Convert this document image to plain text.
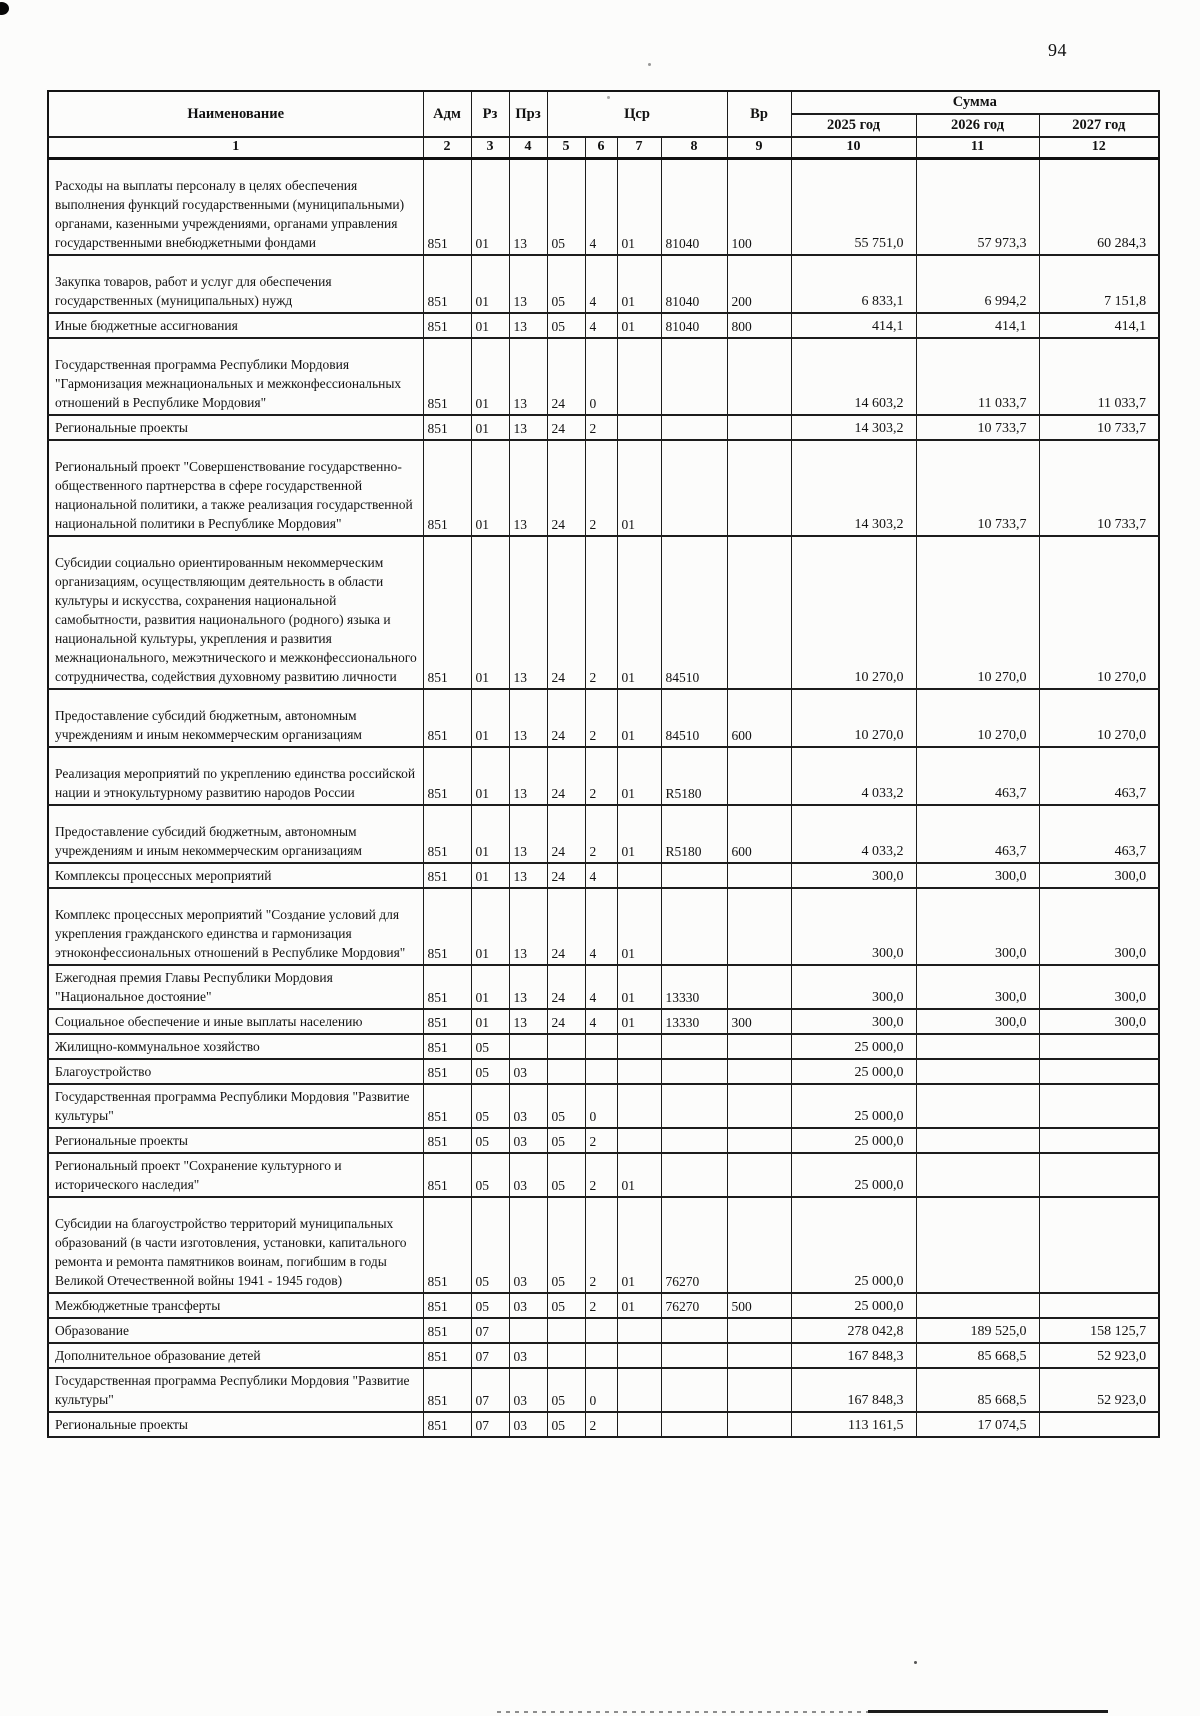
94
Наименование	Адм	Рз	Прз	Цср				Вр	Сумма		
									2025 год	2026 год	2027 год
1	2	3	4	5	6	7	8	9	10	11	12
Расходы на выплаты персоналу в целях обеспечения выполнения функций государственными (муниципальными) органами, казенными учреждениями, органами управления государственными внебюджетными фондами	851	01	13	05	4	01	81040	100	55 751,0	57 973,3	60 284,3
Закупка товаров, работ и услуг для обеспечения государственных (муниципальных) нужд	851	01	13	05	4	01	81040	200	6 833,1	6 994,2	7 151,8
Иные бюджетные ассигнования	851	01	13	05	4	01	81040	800	414,1	414,1	414,1
Государственная программа Республики Мордовия "Гармонизация межнациональных и межконфессиональных отношений в Республике Мордовия"	851	01	13	24	0				14 603,2	11 033,7	11 033,7
Региональные проекты	851	01	13	24	2				14 303,2	10 733,7	10 733,7
Региональный проект "Совершенствование государственно-общественного партнерства в сфере государственной национальной политики, а также реализация государственной национальной политики в Республике Мордовия"	851	01	13	24	2	01			14 303,2	10 733,7	10 733,7
Субсидии социально ориентированным некоммерческим организациям, осуществляющим деятельность в области культуры и искусства, сохранения национальной самобытности, развития национального (родного) языка и национальной культуры, укрепления и развития межнационального, межэтнического и межконфессионального сотрудничества, содействия духовному развитию личности	851	01	13	24	2	01	84510		10 270,0	10 270,0	10 270,0
Предоставление субсидий бюджетным, автономным учреждениям и иным некоммерческим организациям	851	01	13	24	2	01	84510	600	10 270,0	10 270,0	10 270,0
Реализация мероприятий по укреплению единства российской нации и этнокультурному развитию народов России	851	01	13	24	2	01	R5180		4 033,2	463,7	463,7
Предоставление субсидий бюджетным, автономным учреждениям и иным некоммерческим организациям	851	01	13	24	2	01	R5180	600	4 033,2	463,7	463,7
Комплексы процессных мероприятий	851	01	13	24	4				300,0	300,0	300,0
Комплекс процессных мероприятий "Создание условий для укрепления гражданского единства и гармонизация этноконфессиональных отношений в Республике Мордовия"	851	01	13	24	4	01			300,0	300,0	300,0
Ежегодная премия Главы Республики Мордовия "Национальное достояние"	851	01	13	24	4	01	13330		300,0	300,0	300,0
Социальное обеспечение и иные выплаты населению	851	01	13	24	4	01	13330	300	300,0	300,0	300,0
Жилищно-коммунальное хозяйство	851	05							25 000,0		
Благоустройство	851	05	03						25 000,0		
Государственная программа Республики Мордовия "Развитие культуры"	851	05	03	05	0				25 000,0		
Региональные проекты	851	05	03	05	2				25 000,0		
Региональный проект "Сохранение культурного и исторического наследия"	851	05	03	05	2	01			25 000,0		
Субсидии на благоустройство территорий муниципальных образований (в части изготовления, установки, капитального ремонта и ремонта памятников воинам, погибшим в годы Великой Отечественной войны 1941 - 1945 годов)	851	05	03	05	2	01	76270		25 000,0		
Межбюджетные трансферты	851	05	03	05	2	01	76270	500	25 000,0		
Образование	851	07							278 042,8	189 525,0	158 125,7
Дополнительное образование детей	851	07	03						167 848,3	85 668,5	52 923,0
Государственная программа Республики Мордовия "Развитие культуры"	851	07	03	05	0				167 848,3	85 668,5	52 923,0
Региональные проекты	851	07	03	05	2				113 161,5	17 074,5	
